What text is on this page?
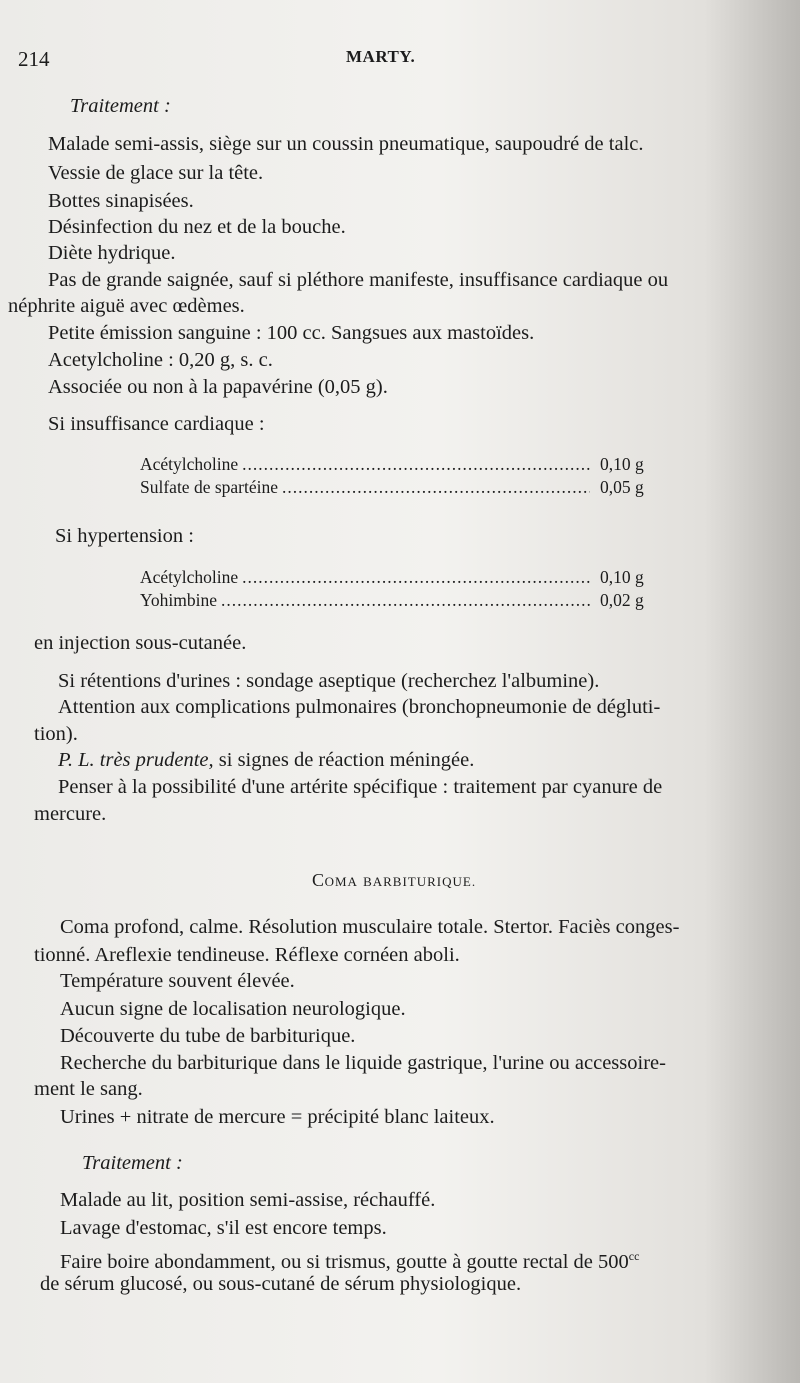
214	MARTY.
Traitement :
Malade semi-assis, siège sur un coussin pneumatique, saupoudré de talc.
Vessie de glace sur la tête.
Bottes sinapisées.
Désinfection du nez et de la bouche.
Diète hydrique.
Pas de grande saignée, sauf si pléthore manifeste, insuffisance cardiaque ou
néphrite aiguë avec œdèmes.
Petite émission sanguine : 100 cc. Sangsues aux mastoïdes.
Acetylcholine : 0,20 g, s. c.
Associée ou non à la papavérine (0,05 g).
Si insuffisance cardiaque :
Acétylcholine .....	0,10 g
Sulfate de spartéine .....	0,05 g
Si hypertension :
Acétylcholine .....	0,10 g
Yohimbine .....	0,02 g
en injection sous-cutanée.
Si rétentions d'urines : sondage aseptique (recherchez l'albumine).
Attention aux complications pulmonaires (bronchopneumonie de dégluti-
tion).
P. L. très prudente, si signes de réaction méningée.
Penser à la possibilité d'une artérite spécifique : traitement par cyanure de
mercure.
COMA BARBITURIQUE.
Coma profond, calme. Résolution musculaire totale. Stertor. Faciès conges-
tionné. Areflexie tendineuse. Réflexe cornéen aboli.
Température souvent élevée.
Aucun signe de localisation neurologique.
Découverte du tube de barbiturique.
Recherche du barbiturique dans le liquide gastrique, l'urine ou accessoire-
ment le sang.
Urines + nitrate de mercure = précipité blanc laiteux.
Traitement :
Malade au lit, position semi-assise, réchauffé.
Lavage d'estomac, s'il est encore temps.
Faire boire abondamment, ou si trismus, goutte à goutte rectal de $500^{cc}$
de sérum glucosé, ou sous-cutané de sérum physiologique.
